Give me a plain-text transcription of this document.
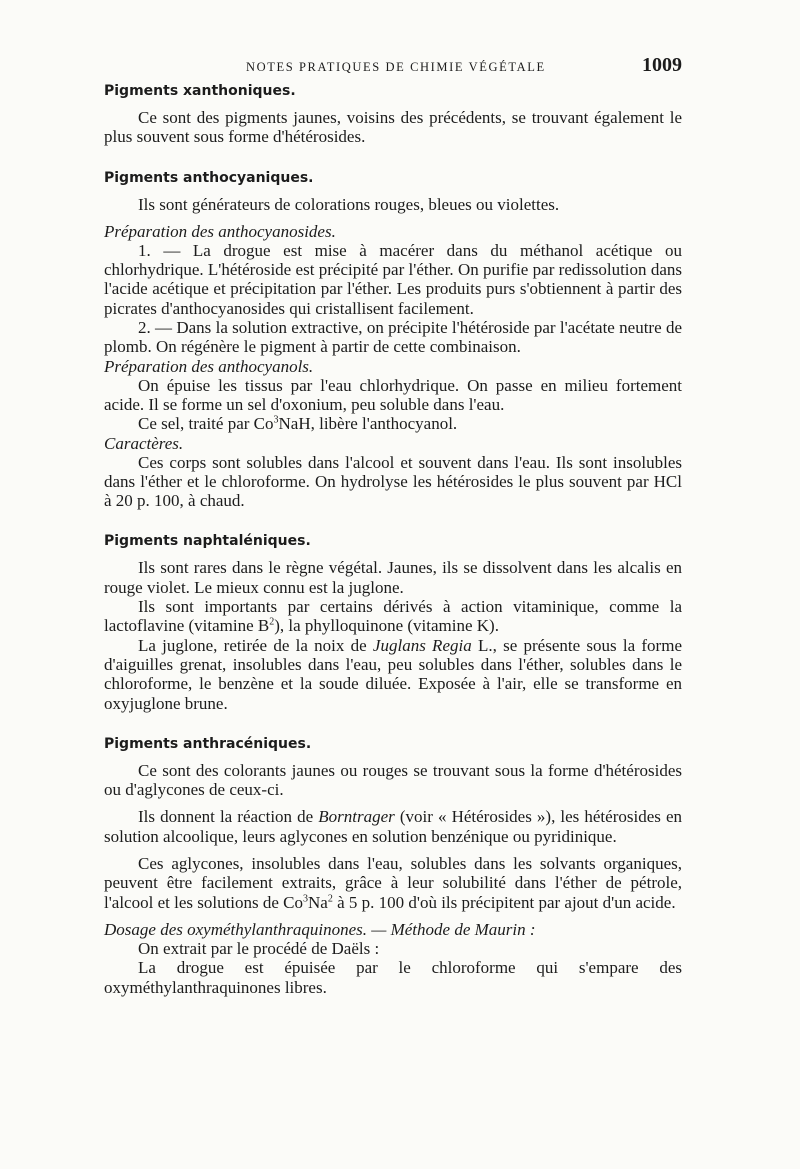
NOTES PRATIQUES DE CHIMIE VÉGÉTALE	1009
Pigments xanthoniques.

Ce sont des pigments jaunes, voisins des précédents, se trouvant également le plus souvent sous forme d'hétérosides.

Pigments anthocyaniques.

Ils sont générateurs de colorations rouges, bleues ou violettes.

Préparation des anthocyanosides.

1. — La drogue est mise à macérer dans du méthanol acétique ou chlorhydrique. L'hétéroside est précipité par l'éther. On purifie par redissolution dans l'acide acétique et précipitation par l'éther. Les produits purs s'obtiennent à partir des picrates d'anthocyanosides qui cristallisent facilement.

2. — Dans la solution extractive, on précipite l'hétéroside par l'acétate neutre de plomb. On régénère le pigment à partir de cette combinaison.

Préparation des anthocyanols.

On épuise les tissus par l'eau chlorhydrique. On passe en milieu fortement acide. Il se forme un sel d'oxonium, peu soluble dans l'eau.

Ce sel, traité par Co$^3$NaH, libère l'anthocyanol.

Caractères.

Ces corps sont solubles dans l'alcool et souvent dans l'eau. Ils sont insolubles dans l'éther et le chloroforme. On hydrolyse les hétérosides le plus souvent par HCl à 20 p. 100, à chaud.

Pigments naphtaléniques.

Ils sont rares dans le règne végétal. Jaunes, ils se dissolvent dans les alcalis en rouge violet. Le mieux connu est la juglone.

Ils sont importants par certains dérivés à action vitaminique, comme la lactoflavine (vitamine $B^2$), la phylloquinone (vitamine K).

La juglone, retirée de la noix de Juglans Regia L., se présente sous la forme d'aiguilles grenat, insolubles dans l'eau, peu solubles dans l'éther, solubles dans le chloroforme, le benzène et la soude diluée. Exposée à l'air, elle se transforme en oxyjuglone brune.

Pigments anthracéniques.

Ce sont des colorants jaunes ou rouges se trouvant sous la forme d'hétérosides ou d'aglycones de ceux-ci.

Ils donnent la réaction de Borntrager (voir « Hétérosides »), les hétérosides en solution alcoolique, leurs aglycones en solution benzénique ou pyridinique.

Ces aglycones, insolubles dans l'eau, solubles dans les solvants organiques, peuvent être facilement extraits, grâce à leur solubilité dans l'éther de pétrole, l'alcool et les solutions de Co$^3$Na$^2$ à 5 p. 100 d'où ils précipitent par ajout d'un acide.

Dosage des oxyméthylanthraquinones. — Méthode de Maurin :

On extrait par le procédé de Daëls :

La drogue est épuisée par le chloroforme qui s'empare des oxyméthylanthraquinones libres.
